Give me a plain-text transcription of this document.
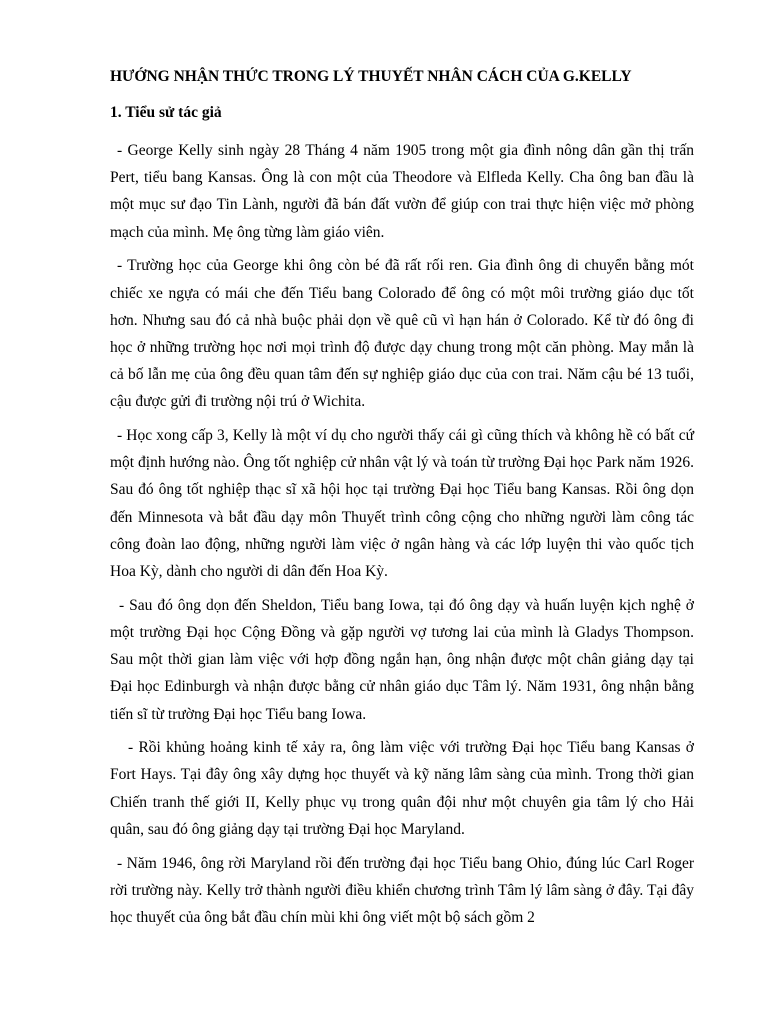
HƯỚNG NHẬN THỨC TRONG LÝ THUYẾT NHÂN CÁCH CỦA G.KELLY
1. Tiểu sử tác giả

- George Kelly sinh ngày 28 Tháng 4 năm 1905 trong một gia đình nông dân gần thị trấn Pert, tiểu bang Kansas. Ông là con một của Theodore và Elfleda Kelly. Cha ông ban đầu là một mục sư đạo Tin Lành, người đã bán đất vườn để giúp con trai thực hiện việc mở phòng mạch của mình. Mẹ ông từng làm giáo viên.

- Trường học của George khi ông còn bé đã rất rối ren. Gia đình ông di chuyển bằng mót chiếc xe ngựa có mái che đến Tiểu bang Colorado để ông có một môi trường giáo dục tốt hơn. Nhưng sau đó cả nhà buộc phải dọn về quê cũ vì hạn hán ở Colorado. Kể từ đó ông đi học ở những trường học nơi mọi trình độ được dạy chung trong một căn phòng. May mắn là cả bố lẫn mẹ của ông đều quan tâm đến sự nghiệp giáo dục của con trai. Năm cậu bé 13 tuổi, cậu được gửi đi trường nội trú ở Wichita.

- Học xong cấp 3, Kelly là một ví dụ cho người thấy cái gì cũng thích và không hề có bất cứ một định hướng nào. Ông tốt nghiệp cử nhân vật lý và toán từ trường Đại học Park năm 1926. Sau đó ông tốt nghiệp thạc sĩ xã hội học tại trường Đại học Tiểu bang Kansas. Rồi ông dọn đến Minnesota và bắt đầu dạy môn Thuyết trình công cộng cho những người làm công tác công đoàn lao động, những người làm việc ở ngân hàng và các lớp luyện thi vào quốc tịch Hoa Kỳ, dành cho người di dân đến Hoa Kỳ.

- Sau đó ông dọn đến Sheldon, Tiểu bang Iowa, tại đó ông dạy và huấn luyện kịch nghệ ở một trường Đại học Cộng Đồng và gặp người vợ tương lai của mình là Gladys Thompson. Sau một thời gian làm việc với hợp đồng ngắn hạn, ông nhận được một chân giảng dạy tại Đại học Edinburgh và nhận được bằng cử nhân giáo dục Tâm lý. Năm 1931, ông nhận bằng tiến sĩ từ trường Đại học Tiểu bang Iowa.

- Rồi khủng hoảng kinh tế xảy ra, ông làm việc với trường Đại học Tiểu bang Kansas ở Fort Hays. Tại đây ông xây dựng học thuyết và kỹ năng lâm sàng của mình. Trong thời gian Chiến tranh thế giới II, Kelly phục vụ trong quân đội như một chuyên gia tâm lý cho Hải quân, sau đó ông giảng dạy tại trường Đại học Maryland.

- Năm 1946, ông rời Maryland rồi đến trường đại học Tiểu bang Ohio, đúng lúc Carl Roger rời trường này. Kelly trở thành người điều khiển chương trình Tâm lý lâm sàng ở đây. Tại đây học thuyết của ông bắt đầu chín mùi khi ông viết một bộ sách gồm 2
